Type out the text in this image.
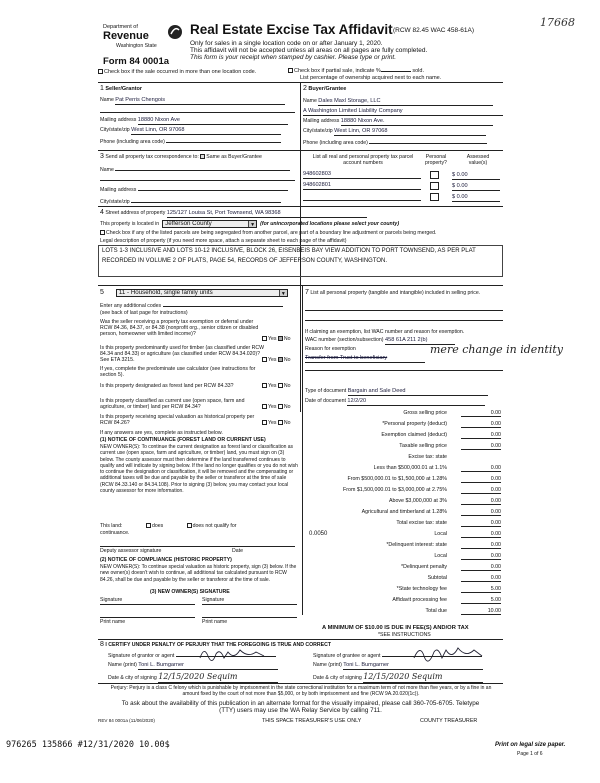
17668
Department of
Revenue
Washington State
Form 84 0001a
Real Estate Excise Tax Affidavit (RCW 82.45 WAC 458-61A)
Only for sales in a single location code on or after January 1, 2020.
This affidavit will not be accepted unless all areas on all pages are fully completed.
This form is your receipt when stamped by cashier. Please type or print.
Check box if the sale occurred in more than one location code.	Check box if partial sale, indicate %	sold.
List percentage of ownership acquired next to each name.
1 Seller/Grantor
Name Pat Perris Chengois
Mailing address 18880 Nixon Ave
City/state/zip West Linn, OR 97068
Phone (including area code)
2 Buyer/Grantee
Name Dales Maxl Storage, LLC
A Washington Limited Liability Company
Mailing address 18880 Nixon Ave.
City/state/zip West Linn, OR 97068
Phone (including area code)
3 Send all property tax correspondence to: Same as Buyer/Grantee
Name
Mailing address
City/state/zip
List all real and personal property tax parcel account numbers
Personal property?
Assessed value(s)
948602803	$ 0.00
948602801	$ 0.00
$ 0.00
4 Street address of property 125/127 Louisa St, Port Townsend, WA 98368
This property is located in Jefferson County	▼ (for unincorporated locations please select your county)
Check box if any of the listed parcels are being segregated from another parcel, are part of a boundary line adjustment or parcels being merged.
Legal description of property (if you need more space, attach a separate sheet to each page of the affidavit)
LOTS 1-3 INCLUSIVE AND LOTS 10-12 INCLUSIVE, BLOCK 26, EISENBEIS BAY VIEW ADDITION TO PORT TOWNSEND, AS PER PLAT
RECORDED IN VOLUME 2 OF PLATS, PAGE 54, RECORDS OF JEFFERSON COUNTY, WASHINGTON.
5 11 - Household, single family units	▼
Enter any additional codes
(see back of last page for instructions)
Was the seller receiving a property tax exemption or deferral under RCW 84.36, 84.37, or 84.38 (nonprofit org., senior citizen or disabled person, homeowner with limited income)?
Yes No
Is this property predominantly used for timber (as classified under RCW 84.34 and 84.33) or agriculture (as classified under RCW 84.34.020)? See ETA 3215.	Yes No
If yes, complete the predominate use calculator (see instructions for section 5).
Is this property designated as forest land per RCW 84.33?	Yes No
Is this property classified as current use (open space, farm and agriculture, or timber) land per RCW 84.34?	Yes No
Is this property receiving special valuation as historical property per RCW 84.26?	Yes No
If any answers are yes, complete as instructed below.
(1) NOTICE OF CONTINUANCE (FOREST LAND OR CURRENT USE)
NEW OWNER(S): To continue the current designation as forest land or classification as current use (open space, farm and agriculture, or timber) land, you must sign on (3) below. The county assessor must then determine if the land transferred continues to qualify and will indicate by signing below. If the land no longer qualifies or you do not wish to continue the designation or classification, it will be removed and the compensating or additional taxes will be due and payable by the seller or transferor at the time of sale (RCW 84.33.140 or 84.34.108). Prior to signing (3) below, you may contact your local county assessor for more information.
This land:	does	does not qualify for
continuance.
Deputy assessor signature	Date
(2) NOTICE OF COMPLIANCE (HISTORIC PROPERTY)
NEW OWNER(S): To continue special valuation as historic property, sign (3) below. If the new owner(s) doesn't wish to continue, all additional tax calculated pursuant to RCW 84.26, shall be due and payable by the seller or transferor at the time of sale.
(3) NEW OWNER(S) SIGNATURE
Signature	Signature
Print name	Print name
7 List all personal property (tangible and intangible) included in selling price.
If claiming an exemption, list WAC number and reason for exemption.
WAC number (section/subsection) 458 61A 211 2(b)
mere change in identity
Reason for exemption
Transfer from Trust to beneficiary
Type of document Bargain and Sale Deed
Date of document 12/2/20
Gross selling price	0.00
*Personal property (deduct)	0.00
Exemption claimed (deduct)	0.00
Taxable selling price	0.00
Excise tax: state
Less than $500,000.01 at 1.1%	0.00
From $500,000.01 to $1,500,000 at 1.28%	0.00
From $1,500,000.01 to $3,000,000 at 2.75%	0.00
Above $3,000,000 at 3%	0.00
Agricultural and timberland at 1.28%	0.00
Total excise tax: state	0.00
0.0050	Local	0.00
*Delinquent interest: state	0.00
Local	0.00
*Delinquent penalty	0.00
Subtotal	0.00
*State technology fee	5.00
Affidavit processing fee	5.00
Total due	10.00
A MINIMUM OF $10.00 IS DUE IN FEE(S) AND/OR TAX
*SEE INSTRUCTIONS
8 I CERTIFY UNDER PENALTY OF PERJURY THAT THE FOREGOING IS TRUE AND CORRECT
Signature of grantor or agent	Signature of grantee or agent
Name (print) Toni L. Bumgarner	Name (print) Toni L. Bumgarner
Date & city of signing 12/15/2020 Sequim	Date & city of signing 12/15/2020 Sequim
Perjury: Perjury is a class C felony which is punishable by imprisonment in the state correctional institution for a maximum term of not more than five years, or by a fine in an amount fixed by the court of not more than $5,000, or by both imprisonment and fine (RCW 9A.20.020(1c)).
To ask about the availability of this publication in an alternate format for the visually impaired, please call 360-705-6705. Teletype
(TTY) users may use the WA Relay Service by calling 711.
REV 84 0001a (11/06/2020)	THIS SPACE TREASURER'S USE ONLY	COUNTY TREASURER
976265 135866 #12/31/2020 10.00$	Print on legal size paper.
Page 1 of 6
